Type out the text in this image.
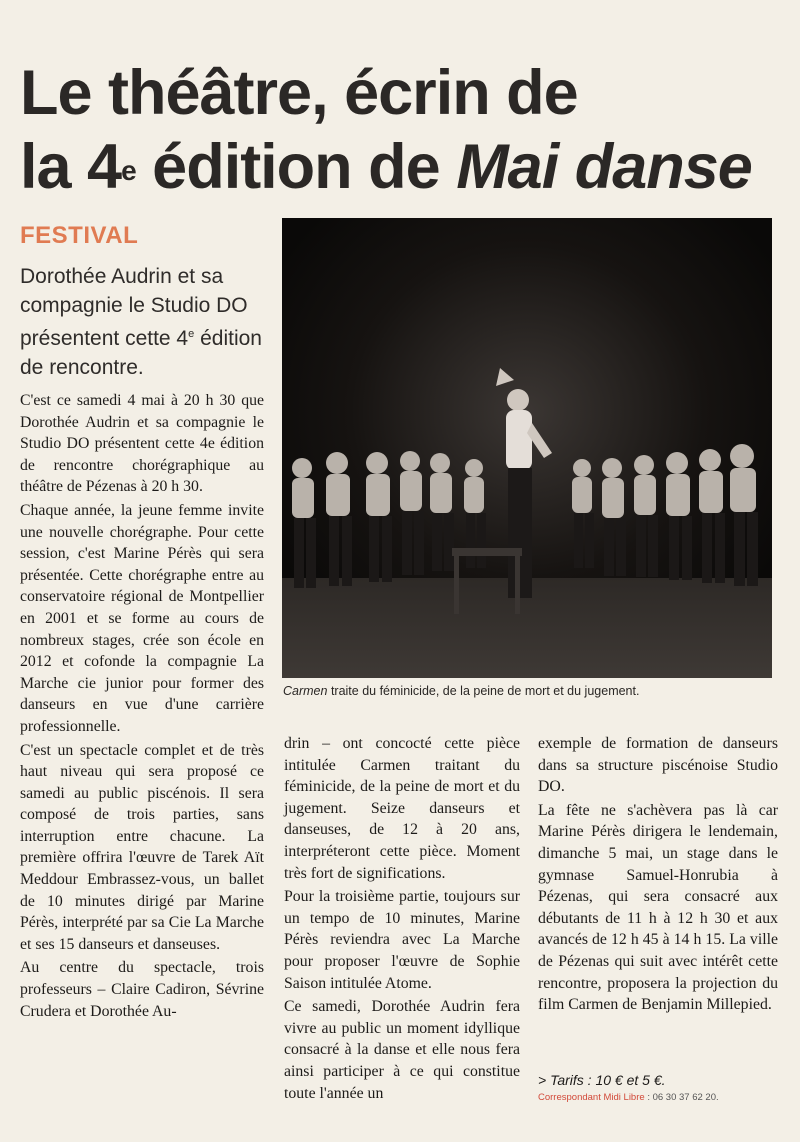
Le théâtre, écrin de
la 4e édition de Mai danse
FESTIVAL

Dorothée Audrin et sa compagnie le Studio DO présentent cette 4e édition de rencontre.

Carmen traite du féminicide, de la peine de mort et du jugement.

C'est ce samedi 4 mai à 20 h 30 que Dorothée Audrin et sa compagnie le Studio DO présentent cette 4e édition de rencontre chorégraphique au théâtre de Pézenas à 20 h 30.

Chaque année, la jeune femme invite une nouvelle chorégraphe. Pour cette session, c'est Marine Pérès qui sera présentée. Cette chorégraphe entre au conservatoire régional de Montpellier en 2001 et se forme au cours de nombreux stages, crée son école en 2012 et cofonde la compagnie La Marche cie junior pour former des danseurs en vue d'une carrière professionnelle.

C'est un spectacle complet et de très haut niveau qui sera proposé ce samedi au public piscénois. Il sera composé de trois parties, sans interruption entre chacune. La première offrira l'œuvre de Tarek Aït Meddour Embrassez-vous, un ballet de 10 minutes dirigé par Marine Pérès, interprété par sa Cie La Marche et ses 15 danseurs et danseuses.

Au centre du spectacle, trois professeurs – Claire Cadiron, Sévrine Crudera et Dorothée Au-

drin – ont concocté cette pièce intitulée Carmen traitant du féminicide, de la peine de mort et du jugement. Seize danseurs et danseuses, de 12 à 20 ans, interpréteront cette pièce. Moment très fort de significations.

Pour la troisième partie, toujours sur un tempo de 10 minutes, Marine Pérès reviendra avec La Marche pour proposer l'œuvre de Sophie Saison intitulée Atome.

Ce samedi, Dorothée Audrin fera vivre au public un moment idyllique consacré à la danse et elle nous fera ainsi participer à ce qui constitue toute l'année un

exemple de formation de danseurs dans sa structure piscénoise Studio DO.

La fête ne s'achèvera pas là car Marine Pérès dirigera le lendemain, dimanche 5 mai, un stage dans le gymnase Samuel-Honrubia à Pézenas, qui sera consacré aux débutants de 11 h à 12 h 30 et aux avancés de 12 h 45 à 14 h 15. La ville de Pézenas qui suit avec intérêt cette rencontre, proposera la projection du film Carmen de Benjamin Millepied.

> Tarifs : 10 € et 5 €.
Correspondant Midi Libre : 06 30 37 62 20.
